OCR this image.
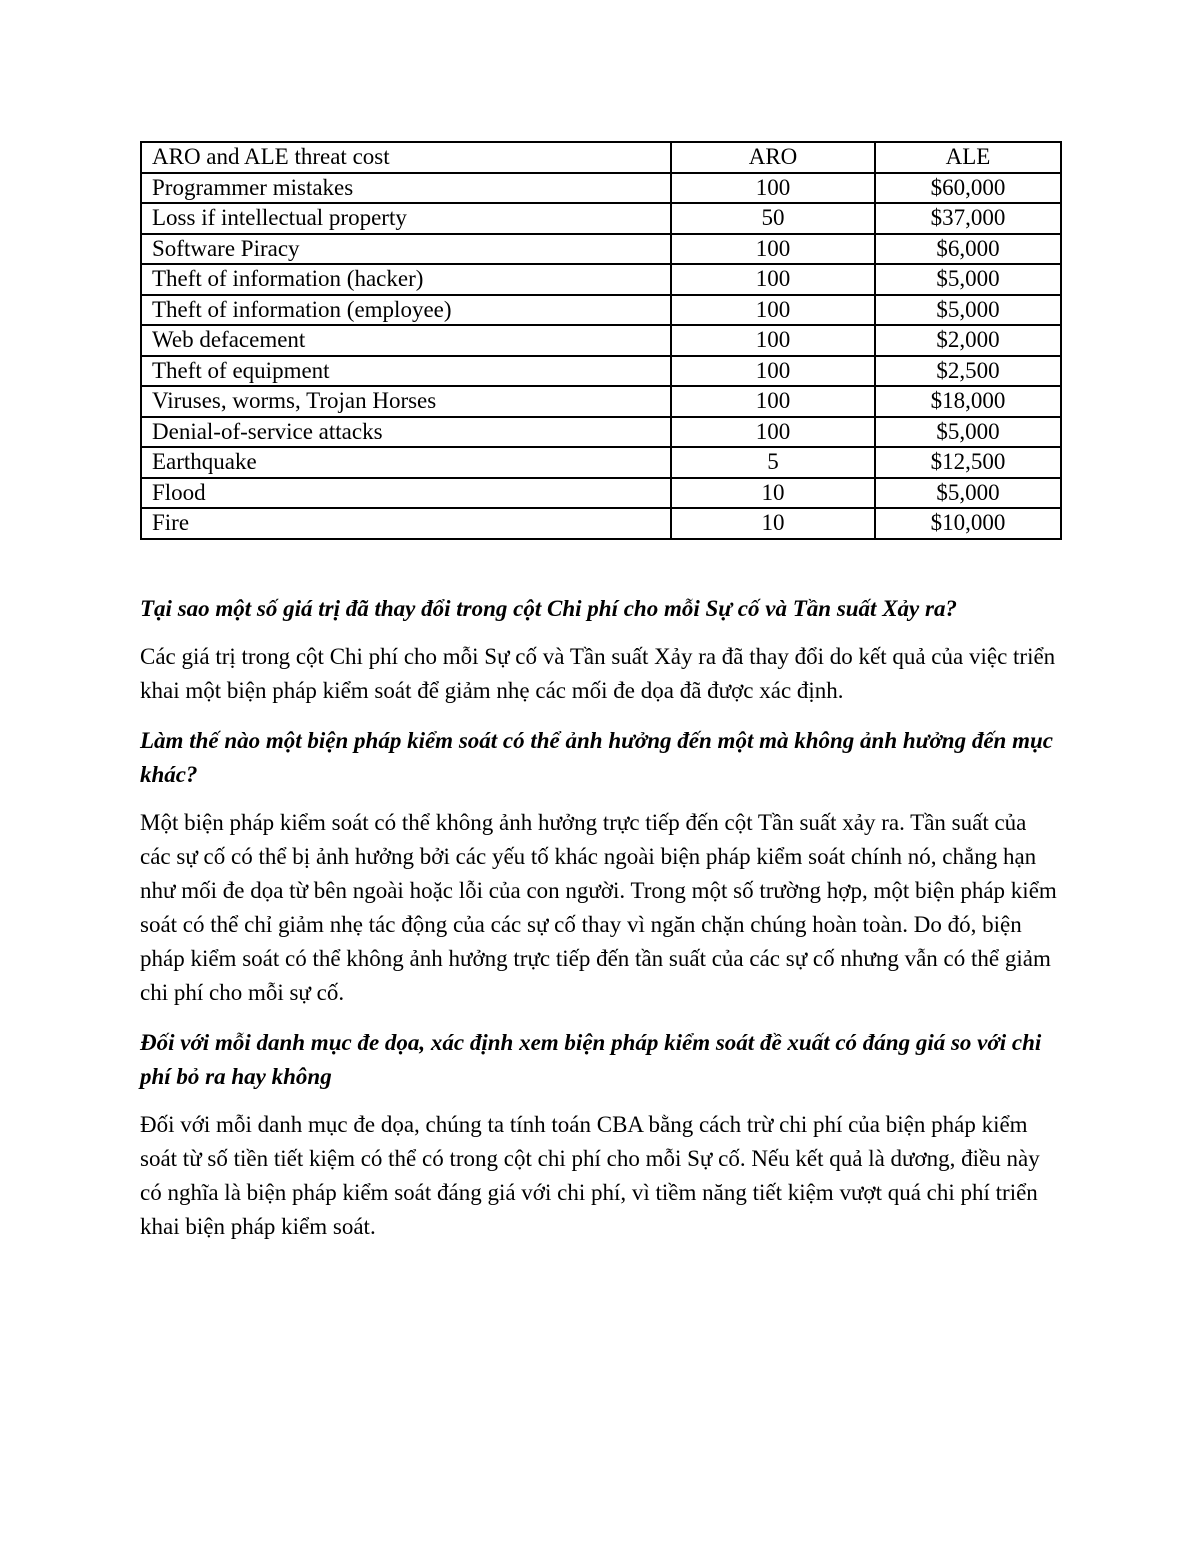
ARO and ALE threat cost	ARO	ALE
Programmer mistakes	100	$60,000
Loss if intellectual property	50	$37,000
Software Piracy	100	$6,000
Theft of information (hacker)	100	$5,000
Theft of information (employee)	100	$5,000
Web defacement	100	$2,000
Theft of equipment	100	$2,500
Viruses, worms, Trojan Horses	100	$18,000
Denial-of-service attacks	100	$5,000
Earthquake	5	$12,500
Flood	10	$5,000
Fire	10	$10,000
Tại sao một số giá trị đã thay đổi trong cột Chi phí cho mỗi Sự cố và Tần suất Xảy ra?

Các giá trị trong cột Chi phí cho mỗi Sự cố và Tần suất Xảy ra đã thay đổi do kết quả của việc triển khai một biện pháp kiểm soát để giảm nhẹ các mối đe dọa đã được xác định.

Làm thế nào một biện pháp kiểm soát có thể ảnh hưởng đến một mà không ảnh hưởng đến mục khác?

Một biện pháp kiểm soát có thể không ảnh hưởng trực tiếp đến cột Tần suất xảy ra. Tần suất của các sự cố có thể bị ảnh hưởng bởi các yếu tố khác ngoài biện pháp kiểm soát chính nó, chẳng hạn như mối đe dọa từ bên ngoài hoặc lỗi của con người. Trong một số trường hợp, một biện pháp kiểm soát có thể chỉ giảm nhẹ tác động của các sự cố thay vì ngăn chặn chúng hoàn toàn. Do đó, biện pháp kiểm soát có thể không ảnh hưởng trực tiếp đến tần suất của các sự cố nhưng vẫn có thể giảm chi phí cho mỗi sự cố.

Đối với mỗi danh mục đe dọa, xác định xem biện pháp kiểm soát đề xuất có đáng giá so với chi phí bỏ ra hay không

Đối với mỗi danh mục đe dọa, chúng ta tính toán CBA bằng cách trừ chi phí của biện pháp kiểm soát từ số tiền tiết kiệm có thể có trong cột chi phí cho mỗi Sự cố. Nếu kết quả là dương, điều này có nghĩa là biện pháp kiểm soát đáng giá với chi phí, vì tiềm năng tiết kiệm vượt quá chi phí triển khai biện pháp kiểm soát.
